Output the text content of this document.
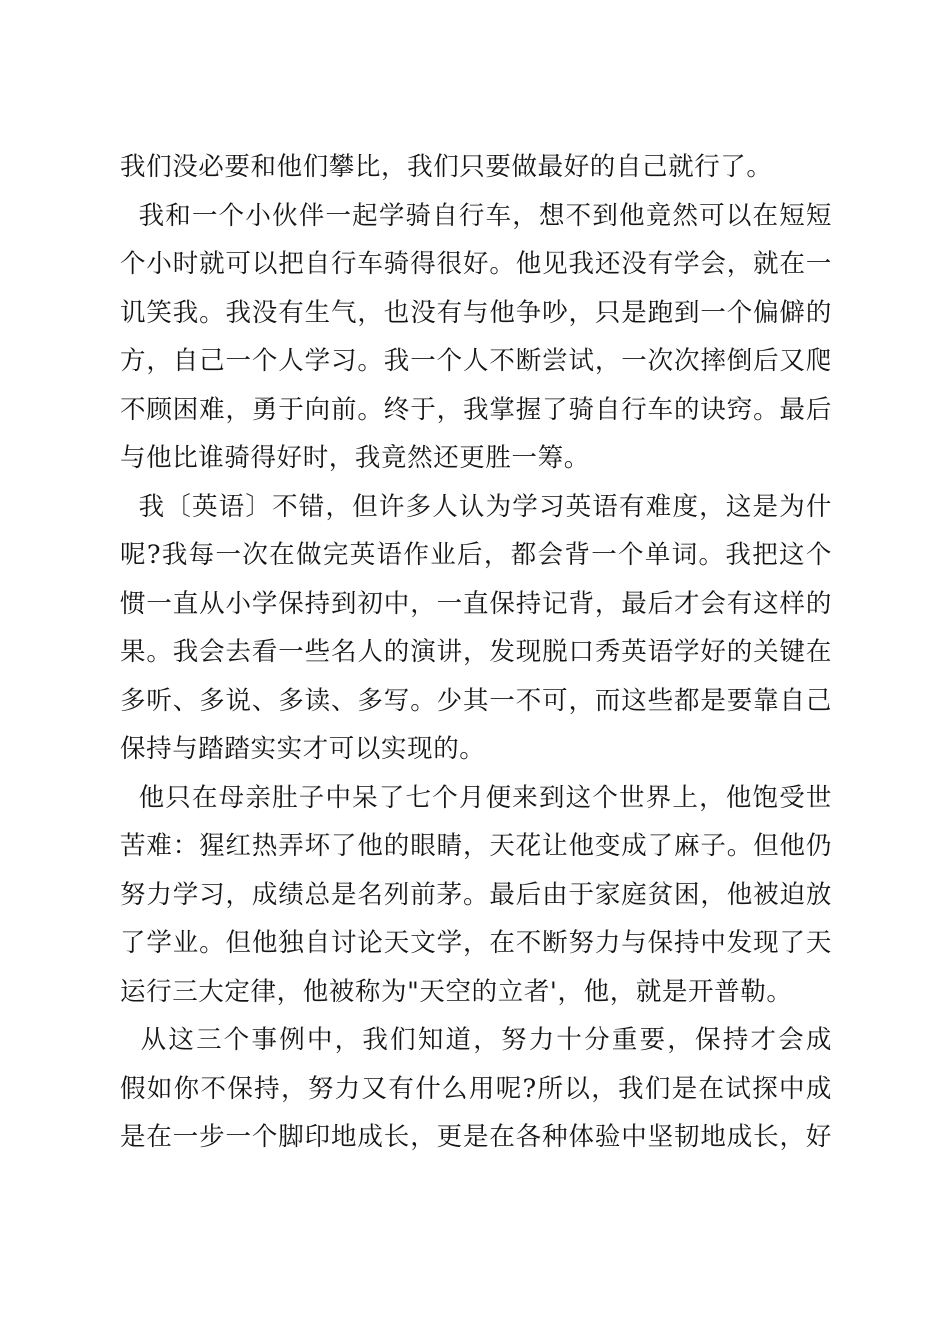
我们没必要和他们攀比，我们只要做最好的自己就行了。
我和一个小伙伴一起学骑自行车，想不到他竟然可以在短短
个小时就可以把自行车骑得很好。他见我还没有学会，就在一
讥笑我。我没有生气，也没有与他争吵，只是跑到一个偏僻的
方，自己一个人学习。我一个人不断尝试，一次次摔倒后又爬
不顾困难，勇于向前。终于，我掌握了骑自行车的诀窍。最后
与他比谁骑得好时，我竟然还更胜一筹。
我〔英语〕不错，但许多人认为学习英语有难度，这是为什
呢?我每一次在做完英语作业后，都会背一个单词。我把这个
惯一直从小学保持到初中，一直保持记背，最后才会有这样的
果。我会去看一些名人的演讲，发现脱口秀英语学好的关键在
多听、多说、多读、多写。少其一不可，而这些都是要靠自己
保持与踏踏实实才可以实现的。
他只在母亲肚子中呆了七个月便来到这个世界上，他饱受世
苦难：猩红热弄坏了他的眼睛，天花让他变成了麻子。但他仍
努力学习，成绩总是名列前茅。最后由于家庭贫困，他被迫放
了学业。但他独自讨论天文学，在不断努力与保持中发现了天
运行三大定律，他被称为"天空的立者'，他，就是开普勒。
从这三个事例中，我们知道，努力十分重要，保持才会成
假如你不保持，努力又有什么用呢?所以，我们是在试探中成
是在一步一个脚印地成长，更是在各种体验中坚韧地成长，好
